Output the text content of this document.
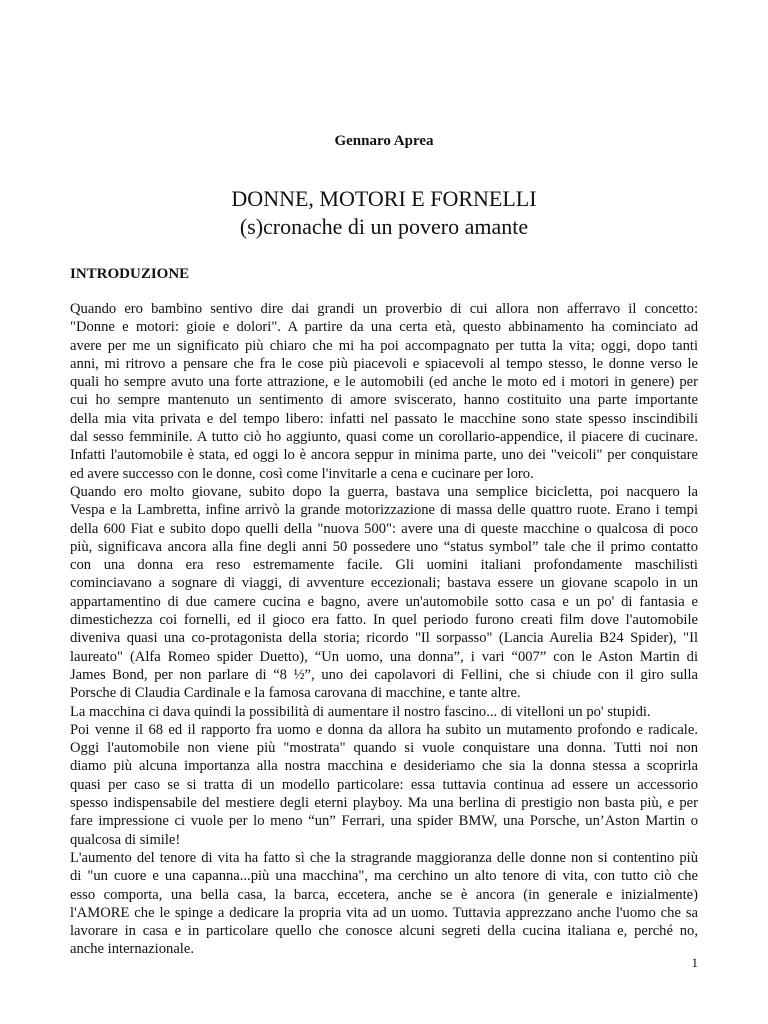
Gennaro Aprea
DONNE, MOTORI E FORNELLI
(s)cronache di un povero amante
INTRODUZIONE
Quando ero bambino sentivo dire dai grandi un proverbio di cui allora non afferravo il concetto:
"Donne e motori: gioie e dolori". A partire da una certa età, questo abbinamento ha cominciato ad
avere per me un significato più chiaro che mi ha poi accompagnato per tutta la vita; oggi, dopo tanti
anni, mi ritrovo a pensare che fra le cose più piacevoli e spiacevoli al tempo stesso, le donne verso le
quali ho sempre avuto una forte attrazione, e le automobili (ed anche le moto ed i motori in genere) per
cui ho sempre mantenuto un sentimento di amore sviscerato, hanno costituito una parte importante
della mia vita privata e del tempo libero: infatti nel passato le macchine sono state spesso inscindibili
dal sesso femminile. A tutto ciò ho aggiunto, quasi come un corollario-appendice, il piacere di cucinare.
Infatti l'automobile è stata, ed oggi lo è ancora seppur in minima parte, uno dei "veicoli" per conquistare
ed avere successo con le donne, così come l'invitarle a cena e cucinare per loro.
Quando ero molto giovane, subito dopo la guerra, bastava una semplice bicicletta, poi nacquero la
Vespa e la Lambretta, infine arrivò la grande motorizzazione di massa delle quattro ruote. Erano i tempi
della 600 Fiat e subito dopo quelli della "nuova 500": avere una di queste macchine o qualcosa di poco
più, significava ancora alla fine degli anni 50 possedere uno “status symbol” tale che il primo contatto
con una donna era reso estremamente facile. Gli uomini italiani profondamente maschilisti
cominciavano a sognare di viaggi, di avventure eccezionali; bastava essere un giovane scapolo in un
appartamentino di due camere cucina e bagno, avere un'automobile sotto casa e un po' di fantasia e
dimestichezza coi fornelli, ed il gioco era fatto. In quel periodo furono creati film dove l'automobile
diveniva quasi una co-protagonista della storia; ricordo "Il sorpasso" (Lancia Aurelia B24 Spider), "Il
laureato" (Alfa Romeo spider Duetto), “Un uomo, una donna”, i vari “007” con le Aston Martin di
James Bond, per non parlare di “8 ½”, uno dei capolavori di Fellini, che si chiude con il giro sulla
Porsche di Claudia Cardinale e la famosa carovana di macchine, e tante altre.
La macchina ci dava quindi la possibilità di aumentare il nostro fascino... di vitelloni un po' stupidi.
Poi venne il 68 ed il rapporto fra uomo e donna da allora ha subito un mutamento profondo e radicale.
Oggi l'automobile non viene più "mostrata" quando si vuole conquistare una donna. Tutti noi non
diamo più alcuna importanza alla nostra macchina e desideriamo che sia la donna stessa a scoprirla
quasi per caso se si tratta di un modello particolare: essa tuttavia continua ad essere un accessorio
spesso indispensabile del mestiere degli eterni playboy. Ma una berlina di prestigio non basta più, e per
fare impressione ci vuole per lo meno “un” Ferrari, una spider BMW, una Porsche, un’Aston Martin o
qualcosa di simile!
L'aumento del tenore di vita ha fatto sì che la stragrande maggioranza delle donne non si contentino più
di "un cuore e una capanna...più una macchina", ma cerchino un alto tenore di vita, con tutto ciò che
esso comporta, una bella casa, la barca, eccetera, anche se è ancora (in generale e inizialmente)
l'AMORE che le spinge a dedicare la propria vita ad un uomo. Tuttavia apprezzano anche l'uomo che sa
lavorare in casa e in particolare quello che conosce alcuni segreti della cucina italiana e, perché no,
anche internazionale.
1
